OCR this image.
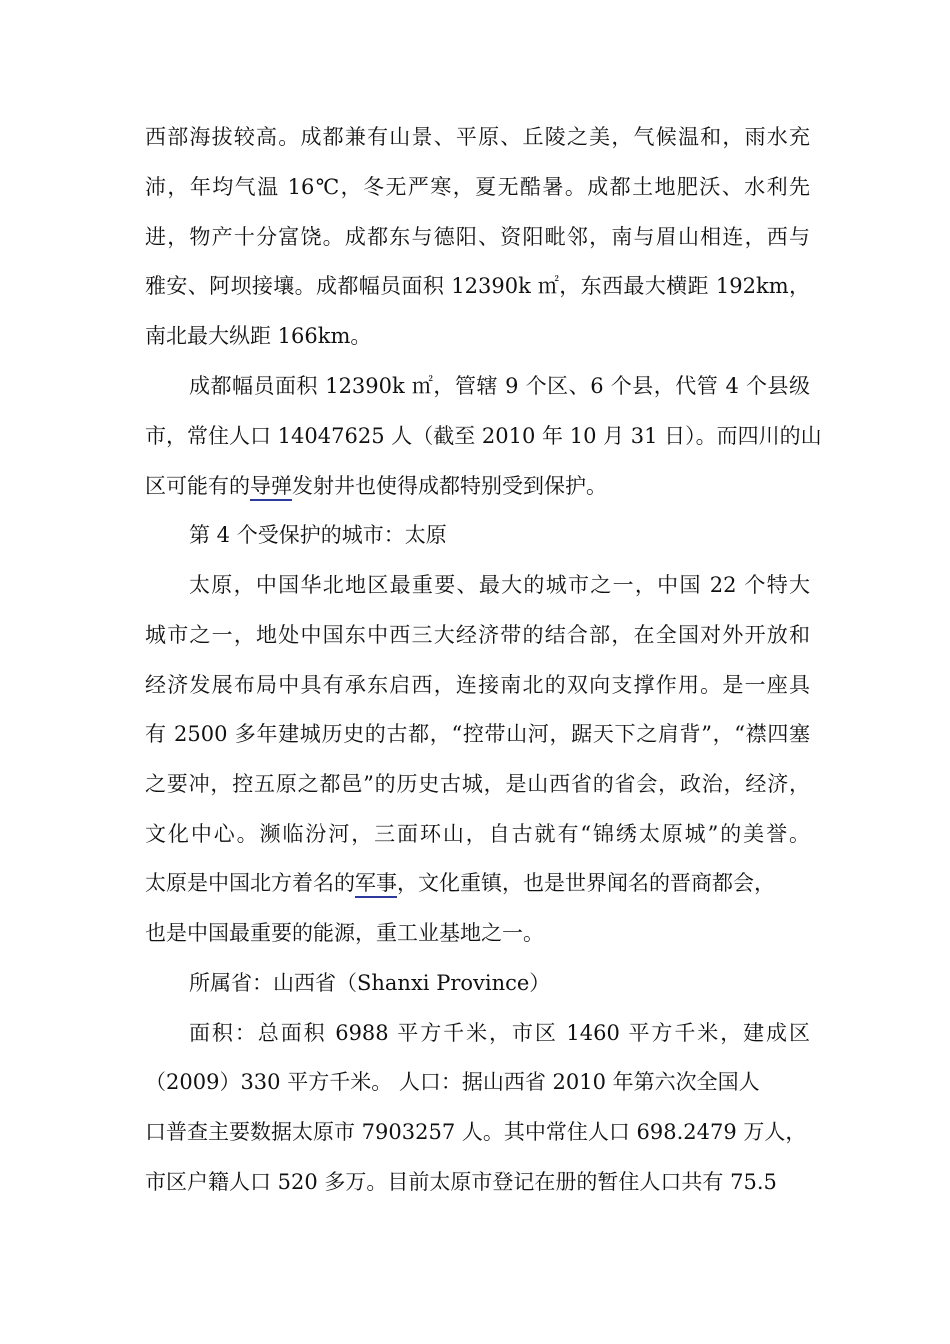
西部海拔较高。成都兼有山景、平原、丘陵之美，气候温和，雨水充
沛，年均气温 16℃，冬无严寒，夏无酷暑。成都土地肥沃、水利先
进，物产十分富饶。成都东与德阳、资阳毗邻，南与眉山相连，西与
雅安、阿坝接壤。成都幅员面积 12390k ㎡，东西最大横距 192km，
南北最大纵距 166km。
成都幅员面积 12390k ㎡，管辖 9 个区、6 个县，代管 4 个县级
市，常住人口 14047625 人（截至 2010 年 10 月 31 日）。而四川的山
区可能有的导弹发射井也使得成都特别受到保护。
第 4 个受保护的城市：太原
太原，中国华北地区最重要、最大的城市之一，中国 22 个特大
城市之一，地处中国东中西三大经济带的结合部，在全国对外开放和
经济发展布局中具有承东启西，连接南北的双向支撑作用。是一座具
有 2500 多年建城历史的古都，“控带山河，踞天下之肩背”，“襟四塞
之要冲，控五原之都邑”的历史古城，是山西省的省会，政治，经济，
文化中心。濒临汾河，三面环山，自古就有“锦绣太原城”的美誉。
太原是中国北方着名的军事，文化重镇，也是世界闻名的晋商都会，
也是中国最重要的能源，重工业基地之一。
所属省：山西省（Shanxi Province）
面积：总面积 6988 平方千米，市区 1460 平方千米，建成区
（2009）330 平方千米。 人口：据山西省 2010 年第六次全国人
口普查主要数据太原市 7903257 人。其中常住人口 698.2479 万人，
市区户籍人口 520 多万。目前太原市登记在册的暂住人口共有 75.5
